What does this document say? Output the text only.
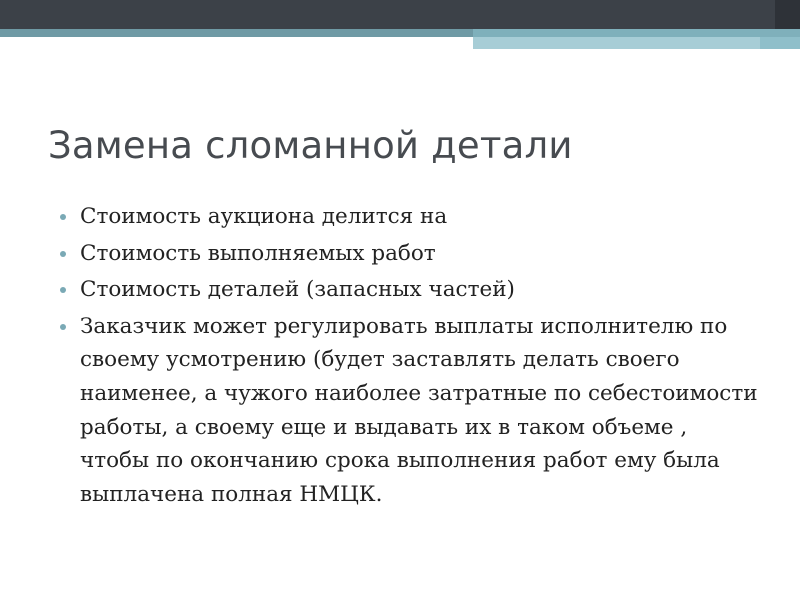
Замена сломанной детали
Стоимость аукциона делится на
Стоимость выполняемых работ
Стоимость деталей (запасных частей)
Заказчик может регулировать выплаты исполнителю по своему усмотрению (будет заставлять делать своего наименее, а чужого наиболее затратные по себестоимости работы, а своему еще и выдавать их в таком объеме , чтобы по окончанию срока выполнения работ ему была выплачена полная НМЦК.
